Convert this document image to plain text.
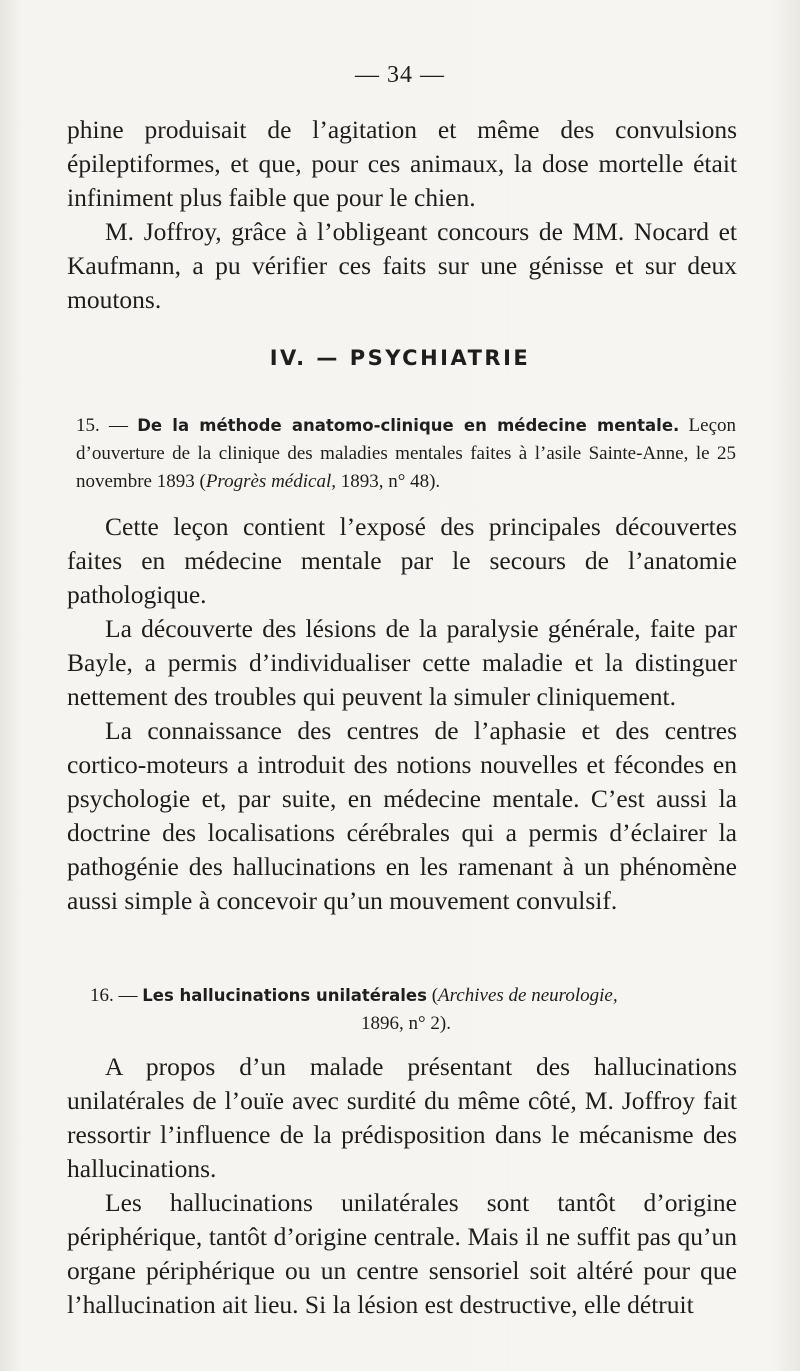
— 34 —

phine produisait de l’agitation et même des convulsions épileptiformes, et que, pour ces animaux, la dose mortelle était infiniment plus faible que pour le chien.

M. Joffroy, grâce à l’obligeant concours de MM. Nocard et Kaufmann, a pu vérifier ces faits sur une génisse et sur deux moutons.

IV. — PSYCHIATRIE
15. — De la méthode anatomo-clinique en médecine mentale. Leçon d’ouverture de la clinique des maladies mentales faites à l’asile Sainte-Anne, le 25 novembre 1893 (Progrès médical, 1893, n° 48).

Cette leçon contient l’exposé des principales découvertes faites en médecine mentale par le secours de l’anatomie pathologique.

La découverte des lésions de la paralysie générale, faite par Bayle, a permis d’individualiser cette maladie et la distinguer nettement des troubles qui peuvent la simuler cliniquement.

La connaissance des centres de l’aphasie et des centres cortico-moteurs a introduit des notions nouvelles et fécondes en psychologie et, par suite, en médecine mentale. C’est aussi la doctrine des localisations cérébrales qui a permis d’éclairer la pathogénie des hallucinations en les ramenant à un phénomène aussi simple à concevoir qu’un mouvement convulsif.

16. — Les hallucinations unilatérales (Archives de neurologie,
1896, n° 2).

A propos d’un malade présentant des hallucinations unilatérales de l’ouïe avec surdité du même côté, M. Joffroy fait ressortir l’influence de la prédisposition dans le mécanisme des hallucinations.

Les hallucinations unilatérales sont tantôt d’origine périphérique, tantôt d’origine centrale. Mais il ne suffit pas qu’un organe périphérique ou un centre sensoriel soit altéré pour que l’hallucination ait lieu. Si la lésion est destructive, elle détruit
